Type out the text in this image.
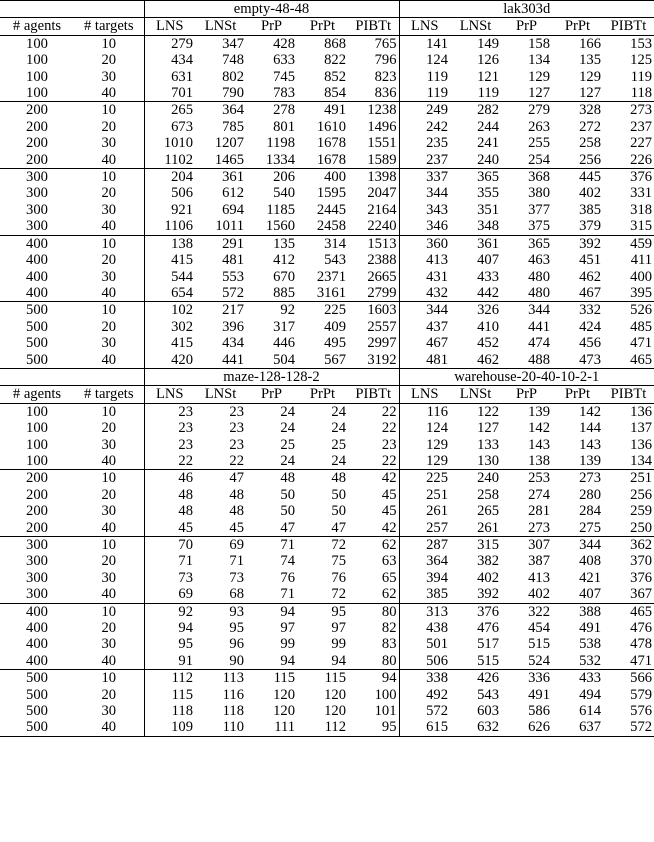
		empty-48-48					lak303d				
# agents	# targets	LNS	LNSt	PrP	PrPt	PIBTt	LNS	LNSt	PrP	PrPt	PIBTt
100	10	279	347	428	868	765	141	149	158	166	153
100	20	434	748	633	822	796	124	126	134	135	125
100	30	631	802	745	852	823	119	121	129	129	119
100	40	701	790	783	854	836	119	119	127	127	118
200	10	265	364	278	491	1238	249	282	279	328	273
200	20	673	785	801	1610	1496	242	244	263	272	237
200	30	1010	1207	1198	1678	1551	235	241	255	258	227
200	40	1102	1465	1334	1678	1589	237	240	254	256	226
300	10	204	361	206	400	1398	337	365	368	445	376
300	20	506	612	540	1595	2047	344	355	380	402	331
300	30	921	694	1185	2445	2164	343	351	377	385	318
300	40	1106	1011	1560	2458	2240	346	348	375	379	315
400	10	138	291	135	314	1513	360	361	365	392	459
400	20	415	481	412	543	2388	413	407	463	451	411
400	30	544	553	670	2371	2665	431	433	480	462	400
400	40	654	572	885	3161	2799	432	442	480	467	395
500	10	102	217	92	225	1603	344	326	344	332	526
500	20	302	396	317	409	2557	437	410	441	424	485
500	30	415	434	446	495	2997	467	452	474	456	471
500	40	420	441	504	567	3192	481	462	488	473	465
		maze-128-128-2					warehouse-20-40-10-2-1				
# agents	# targets	LNS	LNSt	PrP	PrPt	PIBTt	LNS	LNSt	PrP	PrPt	PIBTt
100	10	23	23	24	24	22	116	122	139	142	136
100	20	23	23	24	24	22	124	127	142	144	137
100	30	23	23	25	25	23	129	133	143	143	136
100	40	22	22	24	24	22	129	130	138	139	134
200	10	46	47	48	48	42	225	240	253	273	251
200	20	48	48	50	50	45	251	258	274	280	256
200	30	48	48	50	50	45	261	265	281	284	259
200	40	45	45	47	47	42	257	261	273	275	250
300	10	70	69	71	72	62	287	315	307	344	362
300	20	71	71	74	75	63	364	382	387	408	370
300	30	73	73	76	76	65	394	402	413	421	376
300	40	69	68	71	72	62	385	392	402	407	367
400	10	92	93	94	95	80	313	376	322	388	465
400	20	94	95	97	97	82	438	476	454	491	476
400	30	95	96	99	99	83	501	517	515	538	478
400	40	91	90	94	94	80	506	515	524	532	471
500	10	112	113	115	115	94	338	426	336	433	566
500	20	115	116	120	120	100	492	543	491	494	579
500	30	118	118	120	120	101	572	603	586	614	576
500	40	109	110	111	112	95	615	632	626	637	572
